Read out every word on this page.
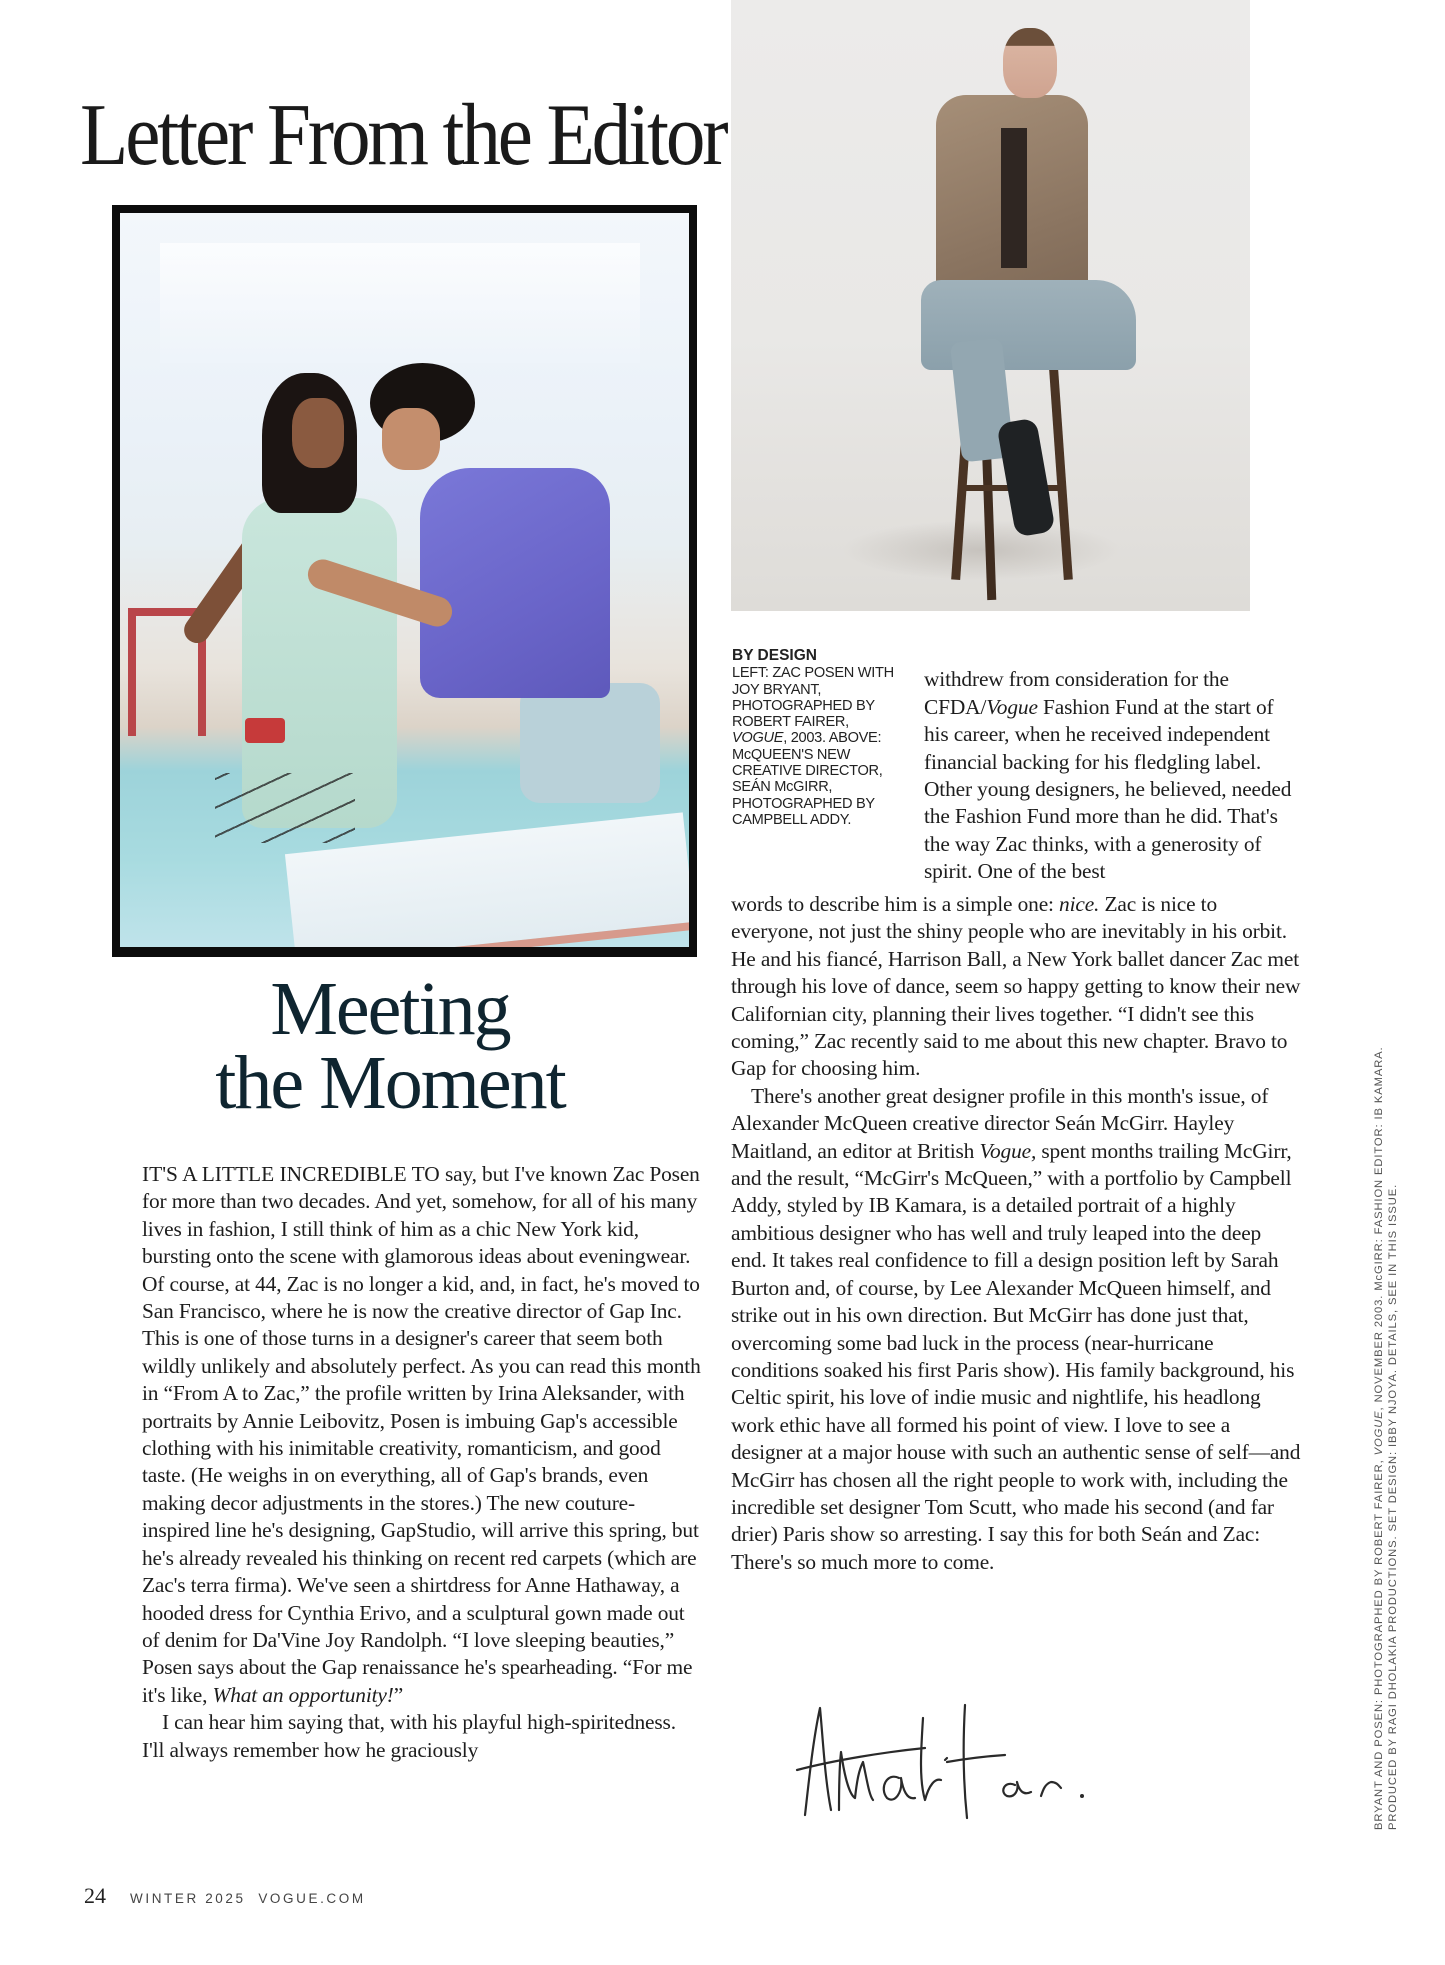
Letter From the Editor
Meeting
the Moment

IT'S A LITTLE INCREDIBLE TO say, but I've known Zac Posen for more than two decades. And yet, somehow, for all of his many lives in fashion, I still think of him as a chic New York kid, bursting onto the scene with glamorous ideas about eveningwear. Of course, at 44, Zac is no longer a kid, and, in fact, he's moved to San Francisco, where he is now the creative director of Gap Inc. This is one of those turns in a designer's career that seem both wildly unlikely and absolutely perfect. As you can read this month in “From A to Zac,” the profile written by Irina Aleksander, with portraits by Annie Leibovitz, Posen is imbuing Gap's accessible clothing with his inimitable creativity, romanticism, and good taste. (He weighs in on everything, all of Gap's brands, even making decor adjustments in the stores.) The new couture-inspired line he's designing, GapStudio, will arrive this spring, but he's already revealed his thinking on recent red carpets (which are Zac's terra firma). We've seen a shirtdress for Anne Hathaway, a hooded dress for Cynthia Erivo, and a sculptural gown made out of denim for Da'Vine Joy Randolph. “I love sleeping beauties,” Posen says about the Gap renaissance he's spearheading. “For me it's like, What an opportunity!”

I can hear him saying that, with his playful high-spiritedness. I'll always remember how he graciously

BY DESIGN
LEFT: ZAC POSEN WITH JOY BRYANT, PHOTOGRAPHED BY ROBERT FAIRER, VOGUE, 2003. ABOVE: McQUEEN'S NEW CREATIVE DIRECTOR, SEÁN McGIRR, PHOTOGRAPHED BY CAMPBELL ADDY.

withdrew from consideration for the CFDA/Vogue Fashion Fund at the start of his career, when he received independent financial backing for his fledgling label. Other young designers, he believed, needed the Fashion Fund more than he did. That's the way Zac thinks, with a generosity of spirit. One of the best

words to describe him is a simple one: nice. Zac is nice to everyone, not just the shiny people who are inevitably in his orbit. He and his fiancé, Harrison Ball, a New York ballet dancer Zac met through his love of dance, seem so happy getting to know their new Californian city, planning their lives together. “I didn't see this coming,” Zac recently said to me about this new chapter. Bravo to Gap for choosing him.

There's another great designer profile in this month's issue, of Alexander McQueen creative director Seán McGirr. Hayley Maitland, an editor at British Vogue, spent months trailing McGirr, and the result, “McGirr's McQueen,” with a portfolio by Campbell Addy, styled by IB Kamara, is a detailed portrait of a highly ambitious designer who has well and truly leaped into the deep end. It takes real confidence to fill a design position left by Sarah Burton and, of course, by Lee Alexander McQueen himself, and strike out in his own direction. But McGirr has done just that, overcoming some bad luck in the process (near-hurricane conditions soaked his first Paris show). His family background, his Celtic spirit, his love of indie music and nightlife, his headlong work ethic have all formed his point of view. I love to see a designer at a major house with such an authentic sense of self—and McGirr has chosen all the right people to work with, including the incredible set designer Tom Scutt, who made his second (and far drier) Paris show so arresting. I say this for both Seán and Zac: There's so much more to come.	BRYANT AND POSEN: PHOTOGRAPHED BY ROBERT FAIRER, VOGUE, NOVEMBER 2003. McGIRR: FASHION EDITOR: IB KAMARA. PRODUCED BY RAGI DHOLAKIA PRODUCTIONS. SET DESIGN: IBBY NJOYA. DETAILS, SEE IN THIS ISSUE.
24 WINTER 2025  VOGUE.COM
